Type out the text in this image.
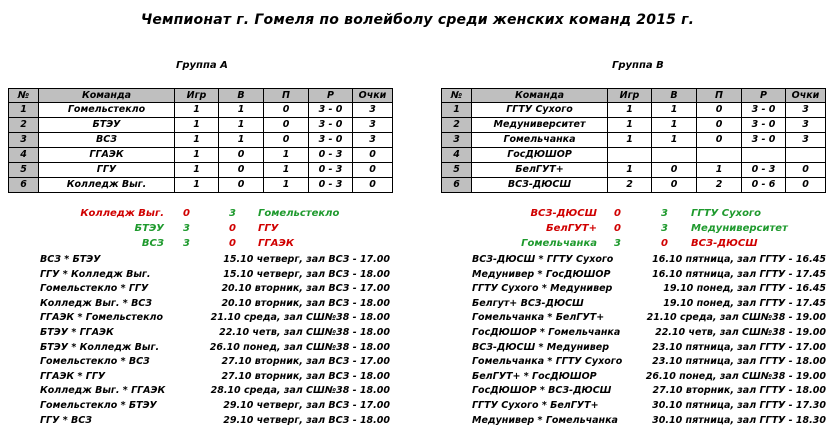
Чемпионат г. Гомеля по волейболу среди женских команд 2015 г.
Группа А
№	Команда	Игр	В	П	Р	Очки
1	Гомельстекло	1	1	0	3 - 0	3
2	БТЭУ	1	1	0	3 - 0	3
3	ВСЗ	1	1	0	3 - 0	3
4	ГГАЭК	1	0	1	0 - 3	0
5	ГГУ	1	0	1	0 - 3	0
6	Колледж Выг.	1	0	1	0 - 3	0
Колледж Выг. 0	3 Гомельстекло
БТЭУ 3	0 ГГУ
ВСЗ 3	0 ГГАЭК
ВСЗ * БТЭУ	15.10 четверг, зал ВСЗ - 17.00
ГГУ * Колледж Выг.	15.10 четверг, зал ВСЗ - 18.00
Гомельстекло * ГГУ	20.10 вторник, зал ВСЗ - 17.00
Колледж Выг. * ВСЗ	20.10 вторник, зал ВСЗ - 18.00
ГГАЭК * Гомельстекло	21.10 среда, зал СШ№38 - 18.00
БТЭУ * ГГАЭК	22.10 четв, зал СШ№38 - 18.00
БТЭУ * Колледж Выг.	26.10 понед, зал СШ№38 - 18.00
Гомельстекло * ВСЗ	27.10 вторник, зал ВСЗ - 17.00
ГГАЭК * ГГУ	27.10 вторник, зал ВСЗ - 18.00
Колледж Выг. * ГГАЭК	28.10 среда, зал СШ№38 - 18.00
Гомельстекло * БТЭУ	29.10 четверг, зал ВСЗ - 17.00
ГГУ * ВСЗ	29.10 четверг, зал ВСЗ - 18.00
Группа В
№	Команда	Игр	В	П	Р	Очки
1	ГГТУ Сухого	1	1	0	3 - 0	3
2	Медуниверситет	1	1	0	3 - 0	3
3	Гомельчанка	1	1	0	3 - 0	3
4	ГосДЮШОР					
5	БелГУТ+	1	0	1	0 - 3	0
6	ВСЗ-ДЮСШ	2	0	2	0 - 6	0
ВСЗ-ДЮСШ 0	3 ГГТУ Сухого
БелГУТ+ 0	3 Медуниверситет
Гомельчанка 3	0 ВСЗ-ДЮСШ
ВСЗ-ДЮСШ * ГГТУ Сухого	16.10 пятница, зал ГГТУ - 16.45
Медунивер * ГосДЮШОР	16.10 пятница, зал ГГТУ - 17.45
ГГТУ Сухого * Медунивер	19.10 понед, зал ГГТУ - 16.45
Белгут+ ВСЗ-ДЮСШ	19.10 понед, зал ГГТУ - 17.45
Гомельчанка * БелГУТ+	21.10 среда, зал СШ№38 - 19.00
ГосДЮШОР * Гомельчанка	22.10 четв, зал СШ№38 - 19.00
ВСЗ-ДЮСШ * Медунивер	23.10 пятница, зал ГГТУ - 17.00
Гомельчанка * ГГТУ Сухого	23.10 пятница, зал ГГТУ - 18.00
БелГУТ+ * ГосДЮШОР	26.10 понед, зал СШ№38 - 19.00
ГосДЮШОР * ВСЗ-ДЮСШ	27.10 вторник, зал ГГТУ - 18.00
ГГТУ Сухого * БелГУТ+	30.10 пятница, зал ГГТУ - 17.30
Медунивер * Гомельчанка	30.10 пятница, зал ГГТУ - 18.30
